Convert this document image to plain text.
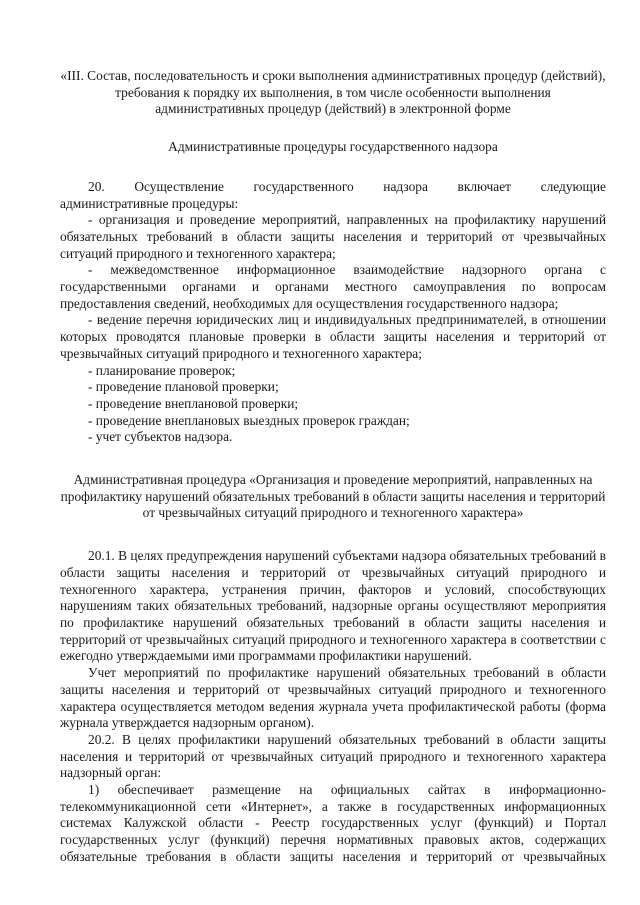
«III. Состав, последовательность и сроки выполнения административных процедур (действий), требования к порядку их выполнения, в том числе особенности выполнения административных процедур (действий) в электронной форме

Административные процедуры государственного надзора

20. Осуществление государственного надзора включает следующие

административные процедуры:

- организация и проведение мероприятий, направленных на профилактику нарушений обязательных требований в области защиты населения и территорий от чрезвычайных ситуаций природного и техногенного характера;

- межведомственное информационное взаимодействие надзорного органа с государственными органами и органами местного самоуправления по вопросам предоставления сведений, необходимых для осуществления государственного надзора;

- ведение перечня юридических лиц и индивидуальных предпринимателей, в отношении которых проводятся плановые проверки в области защиты населения и территорий от чрезвычайных ситуаций природного и техногенного характера;

- планирование проверок;

- проведение плановой проверки;

- проведение внеплановой проверки;

- проведение внеплановых выездных проверок граждан;

- учет субъектов надзора.

Административная процедура «Организация и проведение мероприятий, направленных на профилактику нарушений обязательных требований в области защиты населения и территорий от чрезвычайных ситуаций природного и техногенного характера»

20.1. В целях предупреждения нарушений субъектами надзора обязательных требований в области защиты населения и территорий от чрезвычайных ситуаций природного и техногенного характера, устранения причин, факторов и условий, способствующих нарушениям таких обязательных требований, надзорные органы осуществляют мероприятия по профилактике нарушений обязательных требований в области защиты населения и территорий от чрезвычайных ситуаций природного и техногенного характера в соответствии с ежегодно утверждаемыми ими программами профилактики нарушений.

Учет мероприятий по профилактике нарушений обязательных требований в области защиты населения и территорий от чрезвычайных ситуаций природного и техногенного характера осуществляется методом ведения журнала учета профилактической работы (форма журнала утверждается надзорным органом).

20.2. В целях профилактики нарушений обязательных требований в области защиты населения и территорий от чрезвычайных ситуаций природного и техногенного характера надзорный орган:

1) обеспечивает размещение на официальных сайтах в информационно-телекоммуникационной сети «Интернет», а также в государственных информационных системах Калужской области - Реестр государственных услуг (функций) и Портал государственных услуг (функций) перечня нормативных правовых актов, содержащих обязательные требования в области защиты населения и территорий от чрезвычайных
